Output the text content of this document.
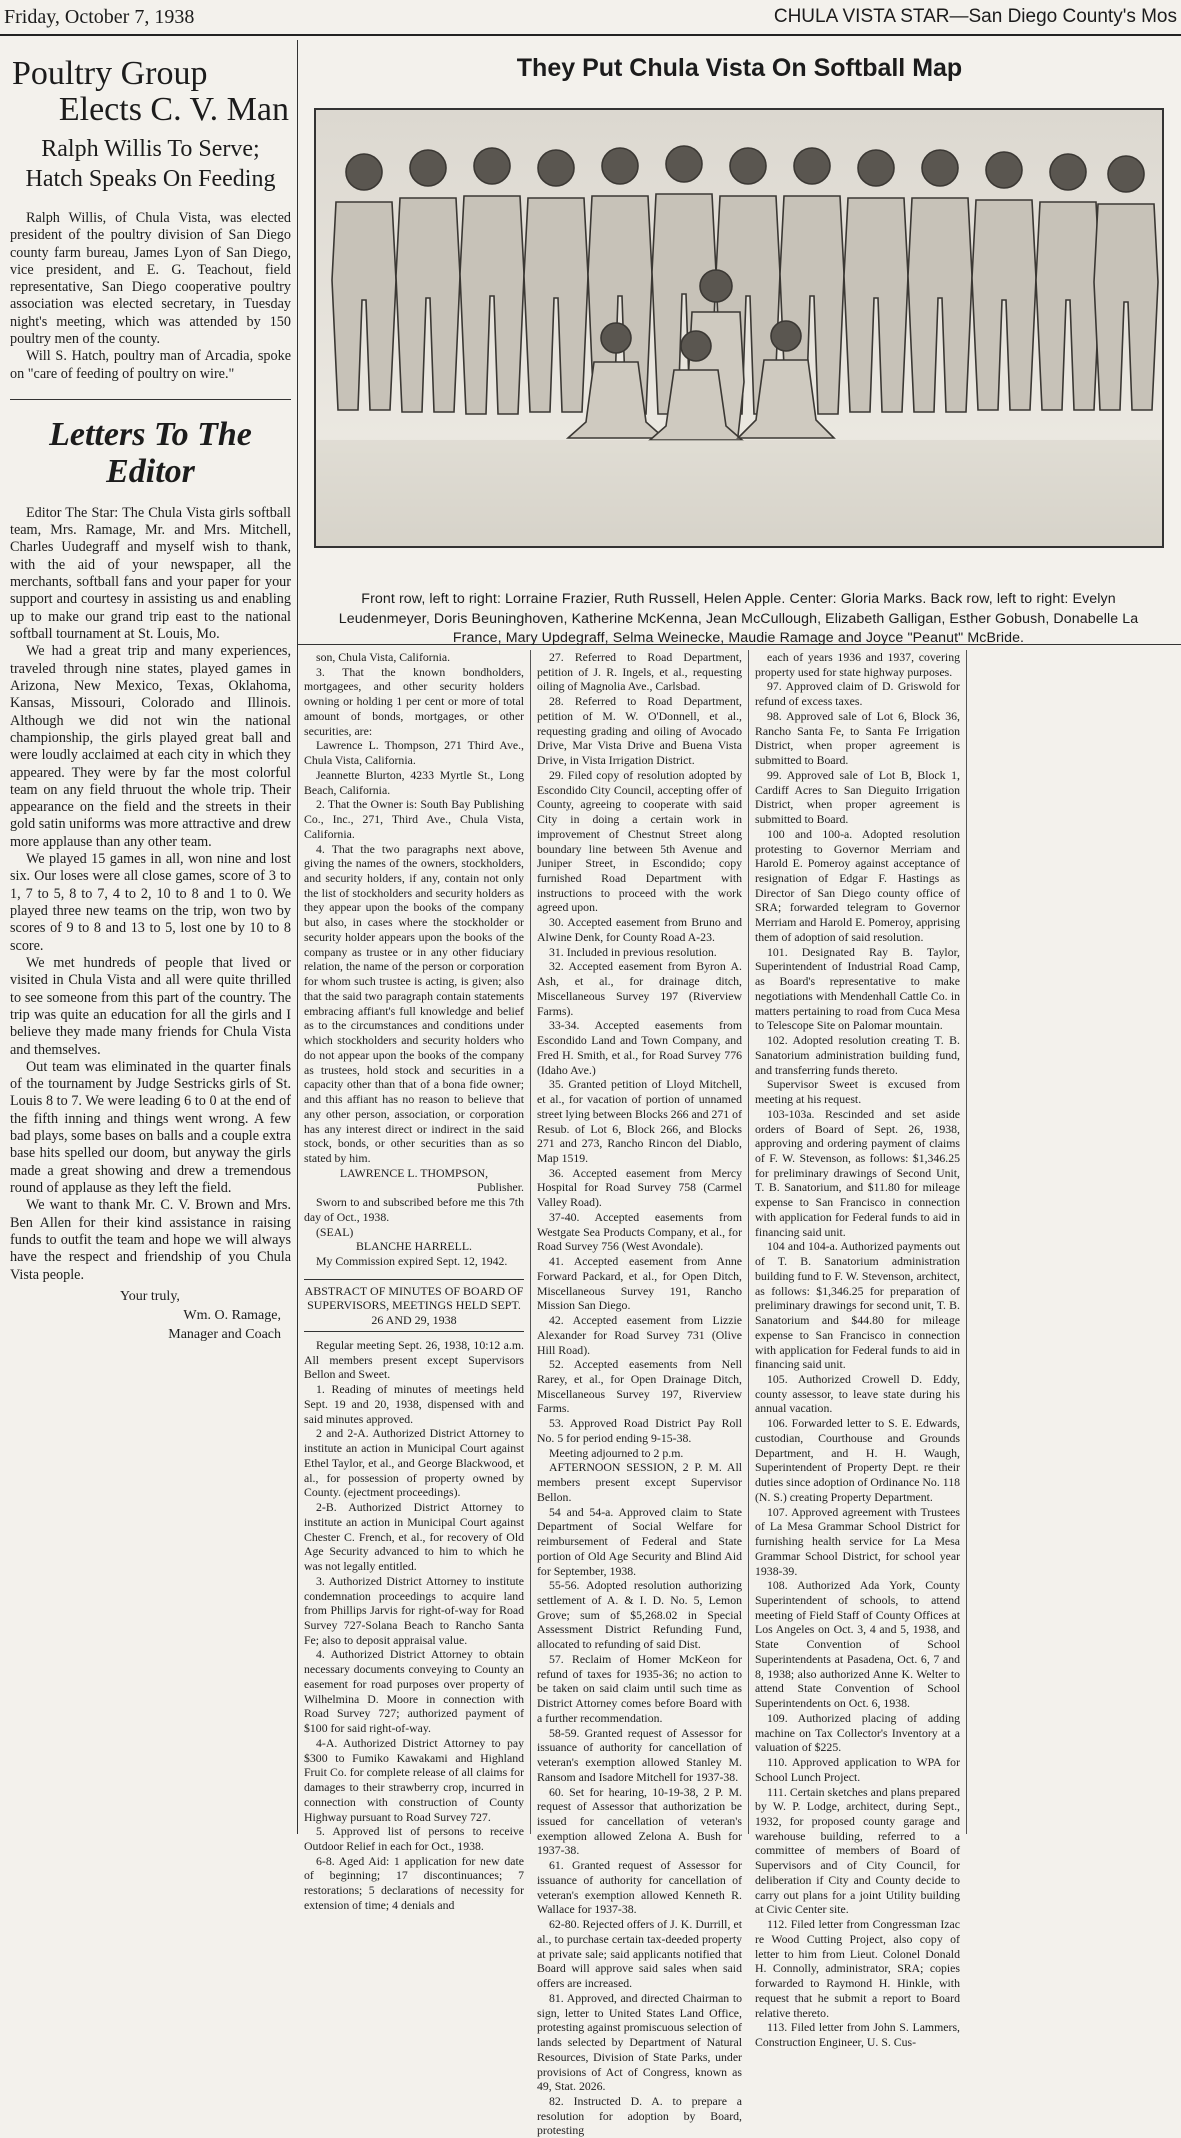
Friday, October 7, 1938	CHULA VISTA STAR—San Diego County's Mos
Poultry Group
Elects C. V. Man
Ralph Willis To Serve; Hatch Speaks On Feeding

Ralph Willis, of Chula Vista, was elected president of the poultry division of San Diego county farm bureau, James Lyon of San Diego, vice president, and E. G. Teachout, field representative, San Diego cooperative poultry association was elected secretary, in Tuesday night's meeting, which was attended by 150 poultry men of the county.

Will S. Hatch, poultry man of Arcadia, spoke on "care of feeding of poultry on wire."

Letters To The Editor

Editor The Star: The Chula Vista girls softball team, Mrs. Ramage, Mr. and Mrs. Mitchell, Charles Uudegraff and myself wish to thank, with the aid of your newspaper, all the merchants, softball fans and your paper for your support and courtesy in assisting us and enabling up to make our grand trip east to the national softball tournament at St. Louis, Mo.

We had a great trip and many experiences, traveled through nine states, played games in Arizona, New Mexico, Texas, Oklahoma, Kansas, Missouri, Colorado and Illinois. Although we did not win the national championship, the girls played great ball and were loudly acclaimed at each city in which they appeared. They were by far the most colorful team on any field thruout the whole trip. Their appearance on the field and the streets in their gold satin uniforms was more attractive and drew more applause than any other team.

We played 15 games in all, won nine and lost six. Our loses were all close games, score of 3 to 1, 7 to 5, 8 to 7, 4 to 2, 10 to 8 and 1 to 0. We played three new teams on the trip, won two by scores of 9 to 8 and 13 to 5, lost one by 10 to 8 score.

We met hundreds of people that lived or visited in Chula Vista and all were quite thrilled to see someone from this part of the country. The trip was quite an education for all the girls and I believe they made many friends for Chula Vista and themselves.

Out team was eliminated in the quarter finals of the tournament by Judge Sestricks girls of St. Louis 8 to 7. We were leading 6 to 0 at the end of the fifth inning and things went wrong. A few bad plays, some bases on balls and a couple extra base hits spelled our doom, but anyway the girls made a great showing and drew a tremendous round of applause as they left the field.

We want to thank Mr. C. V. Brown and Mrs. Ben Allen for their kind assistance in raising funds to outfit the team and hope we will always have the respect and friendship of you Chula Vista people.

Your truly,
Wm. O. Ramage,
Manager and Coach
They Put Chula Vista On Softball Map
Front row, left to right: Lorraine Frazier, Ruth Russell, Helen Apple. Center: Gloria Marks. Back row, left to right: Evelyn Leudenmeyer, Doris Beuninghoven, Katherine McKenna, Jean McCullough, Elizabeth Galligan, Esther Gobush, Donabelle La France, Mary Updegraff, Selma Weinecke, Maudie Ramage and Joyce "Peanut" McBride.

son, Chula Vista, California.

3. That the known bondholders, mortgagees, and other security holders owning or holding 1 per cent or more of total amount of bonds, mortgages, or other securities, are:

Lawrence L. Thompson, 271 Third Ave., Chula Vista, California.

Jeannette Blurton, 4233 Myrtle St., Long Beach, California.

2. That the Owner is: South Bay Publishing Co., Inc., 271, Third Ave., Chula Vista, California.

4. That the two paragraphs next above, giving the names of the owners, stockholders, and security holders, if any, contain not only the list of stockholders and security holders as they appear upon the books of the company but also, in cases where the stockholder or security holder appears upon the books of the company as trustee or in any other fiduciary relation, the name of the person or corporation for whom such trustee is acting, is given; also that the said two paragraph contain statements embracing affiant's full knowledge and belief as to the circumstances and conditions under which stockholders and security holders who do not appear upon the books of the company as trustees, hold stock and securities in a capacity other than that of a bona fide owner; and this affiant has no reason to believe that any other person, association, or corporation has any interest direct or indirect in the said stock, bonds, or other securities than as so stated by him.

LAWRENCE L. THOMPSON,

Publisher.

Sworn to and subscribed before me this 7th day of Oct., 1938.

(SEAL)

BLANCHE HARRELL.

My Commission expired Sept. 12, 1942.

ABSTRACT OF MINUTES OF BOARD OF SUPERVISORS, MEETINGS HELD SEPT. 26 AND 29, 1938

Regular meeting Sept. 26, 1938, 10:12 a.m. All members present except Supervisors Bellon and Sweet.

1. Reading of minutes of meetings held Sept. 19 and 20, 1938, dispensed with and said minutes approved.

2 and 2-A. Authorized District Attorney to institute an action in Municipal Court against Ethel Taylor, et al., and George Blackwood, et al., for possession of property owned by County. (ejectment proceedings).

2-B. Authorized District Attorney to institute an action in Municipal Court against Chester C. French, et al., for recovery of Old Age Security advanced to him to which he was not legally entitled.

3. Authorized District Attorney to institute condemnation proceedings to acquire land from Phillips Jarvis for right-of-way for Road Survey 727-Solana Beach to Rancho Santa Fe; also to deposit appraisal value.

4. Authorized District Attorney to obtain necessary documents conveying to County an easement for road purposes over property of Wilhelmina D. Moore in connection with Road Survey 727; authorized payment of $100 for said right-of-way.

4-A. Authorized District Attorney to pay $300 to Fumiko Kawakami and Highland Fruit Co. for complete release of all claims for damages to their strawberry crop, incurred in connection with construction of County Highway pursuant to Road Survey 727.

5. Approved list of persons to receive Outdoor Relief in each for Oct., 1938.

6-8. Aged Aid: 1 application for new date of beginning; 17 discontinuances; 7 restorations; 5 declarations of necessity for extension of time; 4 denials and

27. Referred to Road Department, petition of J. R. Ingels, et al., requesting oiling of Magnolia Ave., Carlsbad.

28. Referred to Road Department, petition of M. W. O'Donnell, et al., requesting grading and oiling of Avocado Drive, Mar Vista Drive and Buena Vista Drive, in Vista Irrigation District.

29. Filed copy of resolution adopted by Escondido City Council, accepting offer of County, agreeing to cooperate with said City in doing a certain work in improvement of Chestnut Street along boundary line between 5th Avenue and Juniper Street, in Escondido; copy furnished Road Department with instructions to proceed with the work agreed upon.

30. Accepted easement from Bruno and Alwine Denk, for County Road A-23.

31. Included in previous resolution.

32. Accepted easement from Byron A. Ash, et al., for drainage ditch, Miscellaneous Survey 197 (Riverview Farms).

33-34. Accepted easements from Escondido Land and Town Company, and Fred H. Smith, et al., for Road Survey 776 (Idaho Ave.)

35. Granted petition of Lloyd Mitchell, et al., for vacation of portion of unnamed street lying between Blocks 266 and 271 of Resub. of Lot 6, Block 266, and Blocks 271 and 273, Rancho Rincon del Diablo, Map 1519.

36. Accepted easement from Mercy Hospital for Road Survey 758 (Carmel Valley Road).

37-40. Accepted easements from Westgate Sea Products Company, et al., for Road Survey 756 (West Avondale).

41. Accepted easement from Anne Forward Packard, et al., for Open Ditch, Miscellaneous Survey 191, Rancho Mission San Diego.

42. Accepted easement from Lizzie Alexander for Road Survey 731 (Olive Hill Road).

52. Accepted easements from Nell Rarey, et al., for Open Drainage Ditch, Miscellaneous Survey 197, Riverview Farms.

53. Approved Road District Pay Roll No. 5 for period ending 9-15-38.

Meeting adjourned to 2 p.m.

AFTERNOON SESSION, 2 P. M. All members present except Supervisor Bellon.

54 and 54-a. Approved claim to State Department of Social Welfare for reimbursement of Federal and State portion of Old Age Security and Blind Aid for September, 1938.

55-56. Adopted resolution authorizing settlement of A. & I. D. No. 5, Lemon Grove; sum of $5,268.02 in Special Assessment District Refunding Fund, allocated to refunding of said Dist.

57. Reclaim of Homer McKeon for refund of taxes for 1935-36; no action to be taken on said claim until such time as District Attorney comes before Board with a further recommendation.

58-59. Granted request of Assessor for issuance of authority for cancellation of veteran's exemption allowed Stanley M. Ransom and Isadore Mitchell for 1937-38.

60. Set for hearing, 10-19-38, 2 P. M. request of Assessor that authorization be issued for cancellation of veteran's exemption allowed Zelona A. Bush for 1937-38.

61. Granted request of Assessor for issuance of authority for cancellation of veteran's exemption allowed Kenneth R. Wallace for 1937-38.

62-80. Rejected offers of J. K. Durrill, et al., to purchase certain tax-deeded property at private sale; said applicants notified that Board will approve said sales when said offers are increased.

81. Approved, and directed Chairman to sign, letter to United States Land Office, protesting against promiscuous selection of lands selected by Department of Natural Resources, Division of State Parks, under provisions of Act of Congress, known as 49, Stat. 2026.

82. Instructed D. A. to prepare a resolution for adoption by Board, protesting

each of years 1936 and 1937, covering property used for state highway purposes.

97. Approved claim of D. Griswold for refund of excess taxes.

98. Approved sale of Lot 6, Block 36, Rancho Santa Fe, to Santa Fe Irrigation District, when proper agreement is submitted to Board.

99. Approved sale of Lot B, Block 1, Cardiff Acres to San Dieguito Irrigation District, when proper agreement is submitted to Board.

100 and 100-a. Adopted resolution protesting to Governor Merriam and Harold E. Pomeroy against acceptance of resignation of Edgar F. Hastings as Director of San Diego county office of SRA; forwarded telegram to Governor Merriam and Harold E. Pomeroy, apprising them of adoption of said resolution.

101. Designated Ray B. Taylor, Superintendent of Industrial Road Camp, as Board's representative to make negotiations with Mendenhall Cattle Co. in matters pertaining to road from Cuca Mesa to Telescope Site on Palomar mountain.

102. Adopted resolution creating T. B. Sanatorium administration building fund, and transferring funds thereto.

Supervisor Sweet is excused from meeting at his request.

103-103a. Rescinded and set aside orders of Board of Sept. 26, 1938, approving and ordering payment of claims of F. W. Stevenson, as follows: $1,346.25 for preliminary drawings of Second Unit, T. B. Sanatorium, and $11.80 for mileage expense to San Francisco in connection with application for Federal funds to aid in financing said unit.

104 and 104-a. Authorized payments out of T. B. Sanatorium administration building fund to F. W. Stevenson, architect, as follows: $1,346.25 for preparation of preliminary drawings for second unit, T. B. Sanatorium and $44.80 for mileage expense to San Francisco in connection with application for Federal funds to aid in financing said unit.

105. Authorized Crowell D. Eddy, county assessor, to leave state during his annual vacation.

106. Forwarded letter to S. E. Edwards, custodian, Courthouse and Grounds Department, and H. H. Waugh, Superintendent of Property Dept. re their duties since adoption of Ordinance No. 118 (N. S.) creating Property Department.

107. Approved agreement with Trustees of La Mesa Grammar School District for furnishing health service for La Mesa Grammar School District, for school year 1938-39.

108. Authorized Ada York, County Superintendent of schools, to attend meeting of Field Staff of County Offices at Los Angeles on Oct. 3, 4 and 5, 1938, and State Convention of School Superintendents at Pasadena, Oct. 6, 7 and 8, 1938; also authorized Anne K. Welter to attend State Convention of School Superintendents on Oct. 6, 1938.

109. Authorized placing of adding machine on Tax Collector's Inventory at a valuation of $225.

110. Approved application to WPA for School Lunch Project.

111. Certain sketches and plans prepared by W. P. Lodge, architect, during Sept., 1932, for proposed county garage and warehouse building, referred to a committee of members of Board of Supervisors and of City Council, for deliberation if City and County decide to carry out plans for a joint Utility building at Civic Center site.

112. Filed letter from Congressman Izac re Wood Cutting Project, also copy of letter to him from Lieut. Colonel Donald H. Connolly, administrator, SRA; copies forwarded to Raymond H. Hinkle, with request that he submit a report to Board relative thereto.

113. Filed letter from John S. Lammers, Construction Engineer, U. S. Cus-
